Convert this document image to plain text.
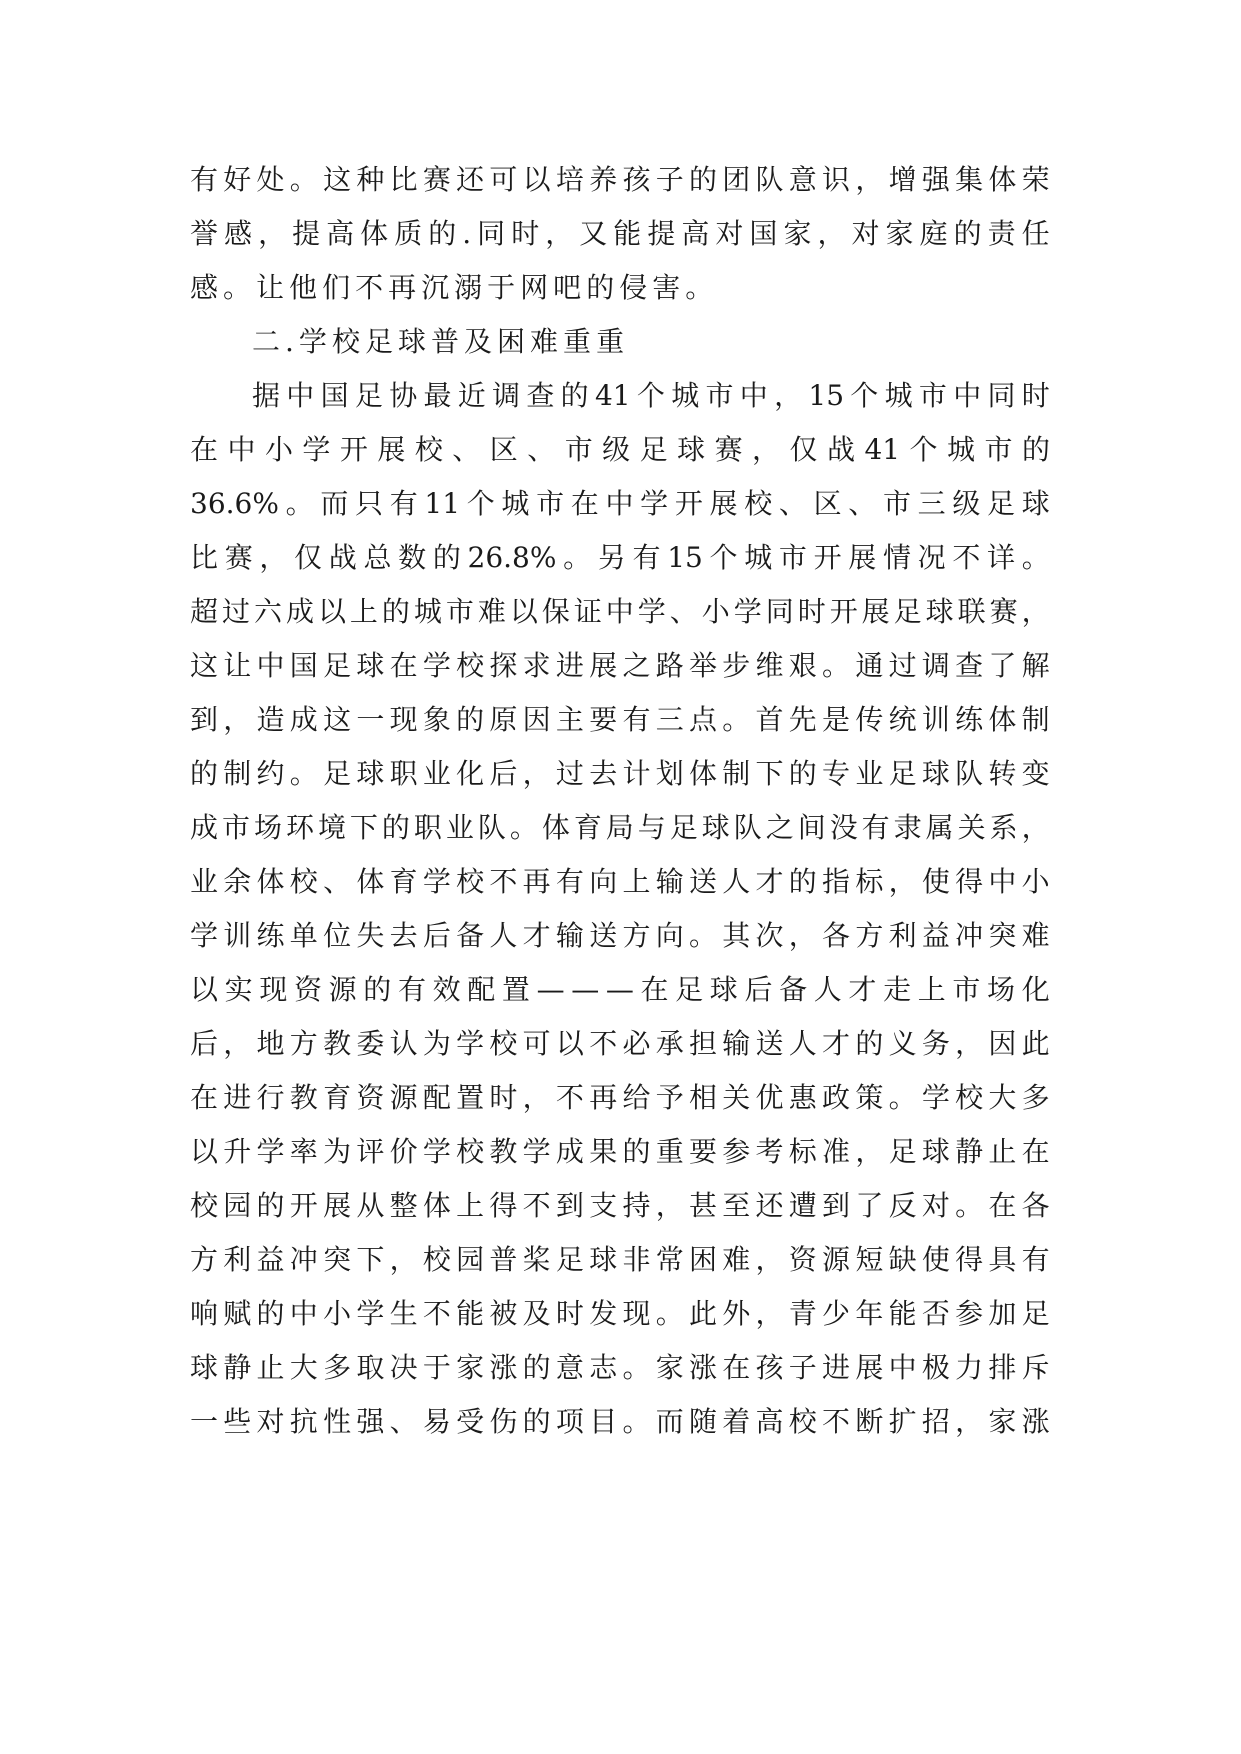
有 好 处 。 这 种 比 赛 还 可 以 培 养 孩 子 的 团 队 意 识 ， 增 强 集 体 荣
誉 感 ， 提 高 体 质 的 . 同 时 ， 又 能 提 高 对 国 家 ， 对 家 庭 的 责 任
感 。 让 他 们 不 再 沉 溺 于 网 吧 的 侵 害 。
二 . 学 校 足 球 普 及 困 难 重 重
据 中 国 足 协 最 近 调 查 的 41 个 城 市 中 ， 15 个 城 市 中 同 时
在 中 小 学 开 展 校 、 区 、 市 级 足 球 赛 ， 仅 战 41 个 城 市 的
36.6% 。 而 只 有 11 个 城 市 在 中 学 开 展 校 、 区 、 市 三 级 足 球
比 赛 ， 仅 战 总 数 的 26.8% 。 另 有 15 个 城 市 开 展 情 况 不 详 。
超 过 六 成 以 上 的 城 市 难 以 保 证 中 学 、 小 学 同 时 开 展 足 球 联 赛 ，
这 让 中 国 足 球 在 学 校 探 求 进 展 之 路 举 步 维 艰 。 通 过 调 查 了 解
到 ， 造 成 这 一 现 象 的 原 因 主 要 有 三 点 。 首 先 是 传 统 训 练 体 制
的 制 约 。 足 球 职 业 化 后 ， 过 去 计 划 体 制 下 的 专 业 足 球 队 转 变
成 市 场 环 境 下 的 职 业 队 。 体 育 局 与 足 球 队 之 间 没 有 隶 属 关 系 ，
业 余 体 校 、 体 育 学 校 不 再 有 向 上 输 送 人 才 的 指 标 ， 使 得 中 小
学 训 练 单 位 失 去 后 备 人 才 输 送 方 向 。 其 次 ， 各 方 利 益 冲 突 难
以 实 现 资 源 的 有 效 配 置 — — — 在 足 球 后 备 人 才 走 上 市 场 化
后 ， 地 方 教 委 认 为 学 校 可 以 不 必 承 担 输 送 人 才 的 义 务 ， 因 此
在 进 行 教 育 资 源 配 置 时 ， 不 再 给 予 相 关 优 惠 政 策 。 学 校 大 多
以 升 学 率 为 评 价 学 校 教 学 成 果 的 重 要 参 考 标 准 ， 足 球 静 止 在
校 园 的 开 展 从 整 体 上 得 不 到 支 持 ， 甚 至 还 遭 到 了 反 对 。 在 各
方 利 益 冲 突 下 ， 校 园 普 桨 足 球 非 常 困 难 ， 资 源 短 缺 使 得 具 有
响 赋 的 中 小 学 生 不 能 被 及 时 发 现 。 此 外 ， 青 少 年 能 否 参 加 足
球 静 止 大 多 取 决 于 家 涨 的 意 志 。 家 涨 在 孩 子 进 展 中 极 力 排 斥
一 些 对 抗 性 强 、 易 受 伤 的 项 目 。 而 随 着 高 校 不 断 扩 招 ， 家 涨
